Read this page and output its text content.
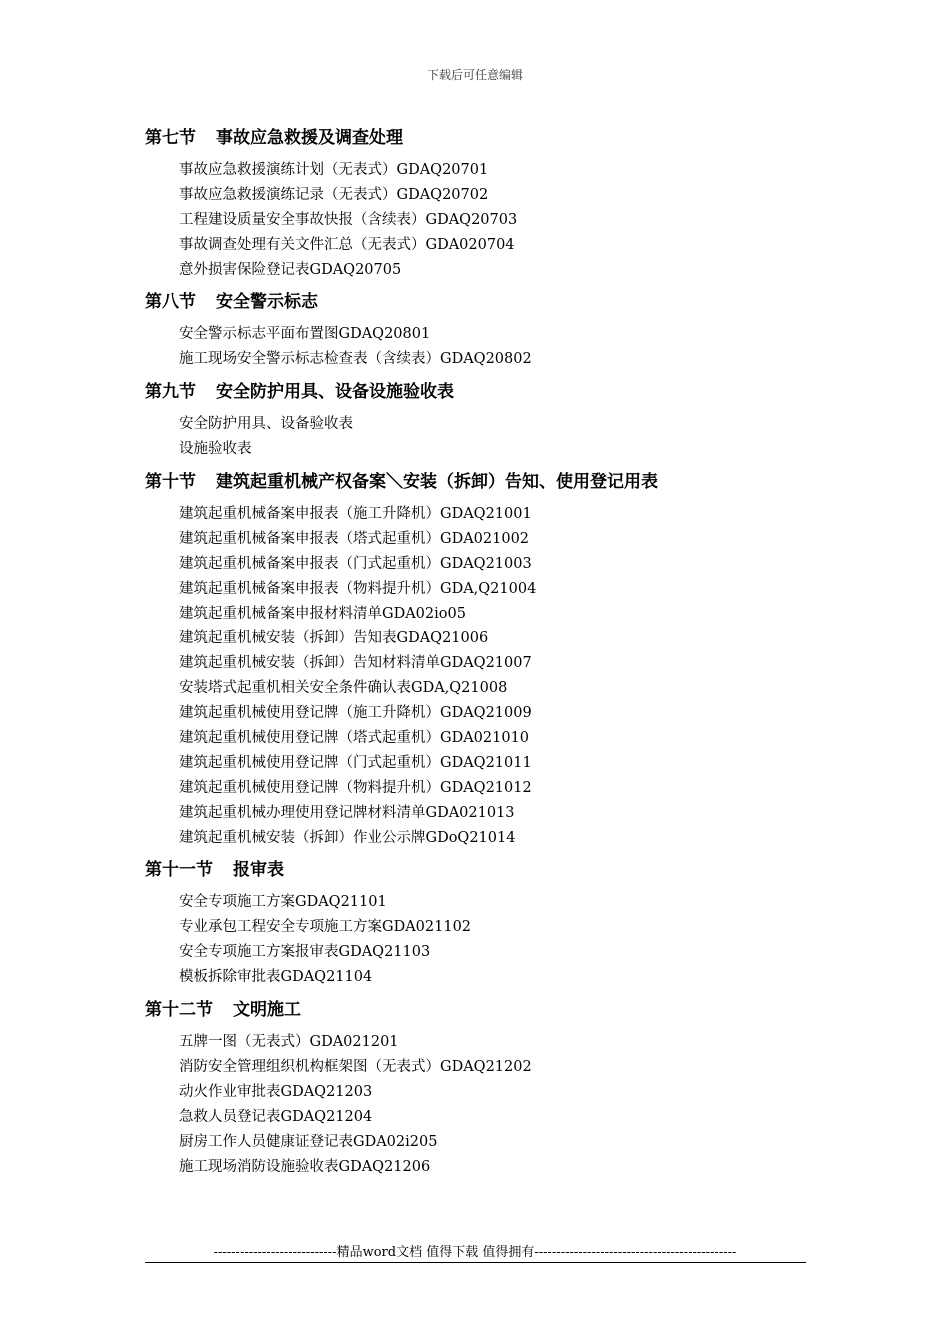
下载后可任意编辑
第七节 事故应急救援及调查处理
事故应急救援演练计划（无表式）GDAQ20701
事故应急救援演练记录（无表式）GDAQ20702
工程建设质量安全事故快报（含续表）GDAQ20703
事故调查处理有关文件汇总（无表式）GDA020704
意外损害保险登记表GDAQ20705
第八节 安全警示标志
安全警示标志平面布置图GDAQ20801
施工现场安全警示标志检查表（含续表）GDAQ20802
第九节 安全防护用具、设备设施验收表
安全防护用具、设备验收表
设施验收表
第十节 建筑起重机械产权备案＼安装（拆卸）告知、使用登记用表
建筑起重机械备案申报表（施工升降机）GDAQ21001
建筑起重机械备案申报表（塔式起重机）GDA021002
建筑起重机械备案申报表（门式起重机）GDAQ21003
建筑起重机械备案申报表（物料提升机）GDA,Q21004
建筑起重机械备案申报材料清单GDA02io05
建筑起重机械安装（拆卸）告知表GDAQ21006
建筑起重机械安装（拆卸）告知材料清单GDAQ21007
安装塔式起重机相关安全条件确认表GDA,Q21008
建筑起重机械使用登记牌（施工升降机）GDAQ21009
建筑起重机械使用登记牌（塔式起重机）GDA021010
建筑起重机械使用登记牌（门式起重机）GDAQ21011
建筑起重机械使用登记牌（物料提升机）GDAQ21012
建筑起重机械办理使用登记牌材料清单GDA021013
建筑起重机械安装（拆卸）作业公示牌GDoQ21014
第十一节 报审表
安全专项施工方案GDAQ21101
专业承包工程安全专项施工方案GDA021102
安全专项施工方案报审表GDAQ21103
模板拆除审批表GDAQ21104
第十二节 文明施工
五牌一图（无表式）GDA021201
消防安全管理组织机构框架图（无表式）GDAQ21202
动火作业审批表GDAQ21203
急救人员登记表GDAQ21204
厨房工作人员健康证登记表GDA02i205
施工现场消防设施验收表GDAQ21206
----------------------------精品word文档 值得下载 值得拥有----------------------------------------------
